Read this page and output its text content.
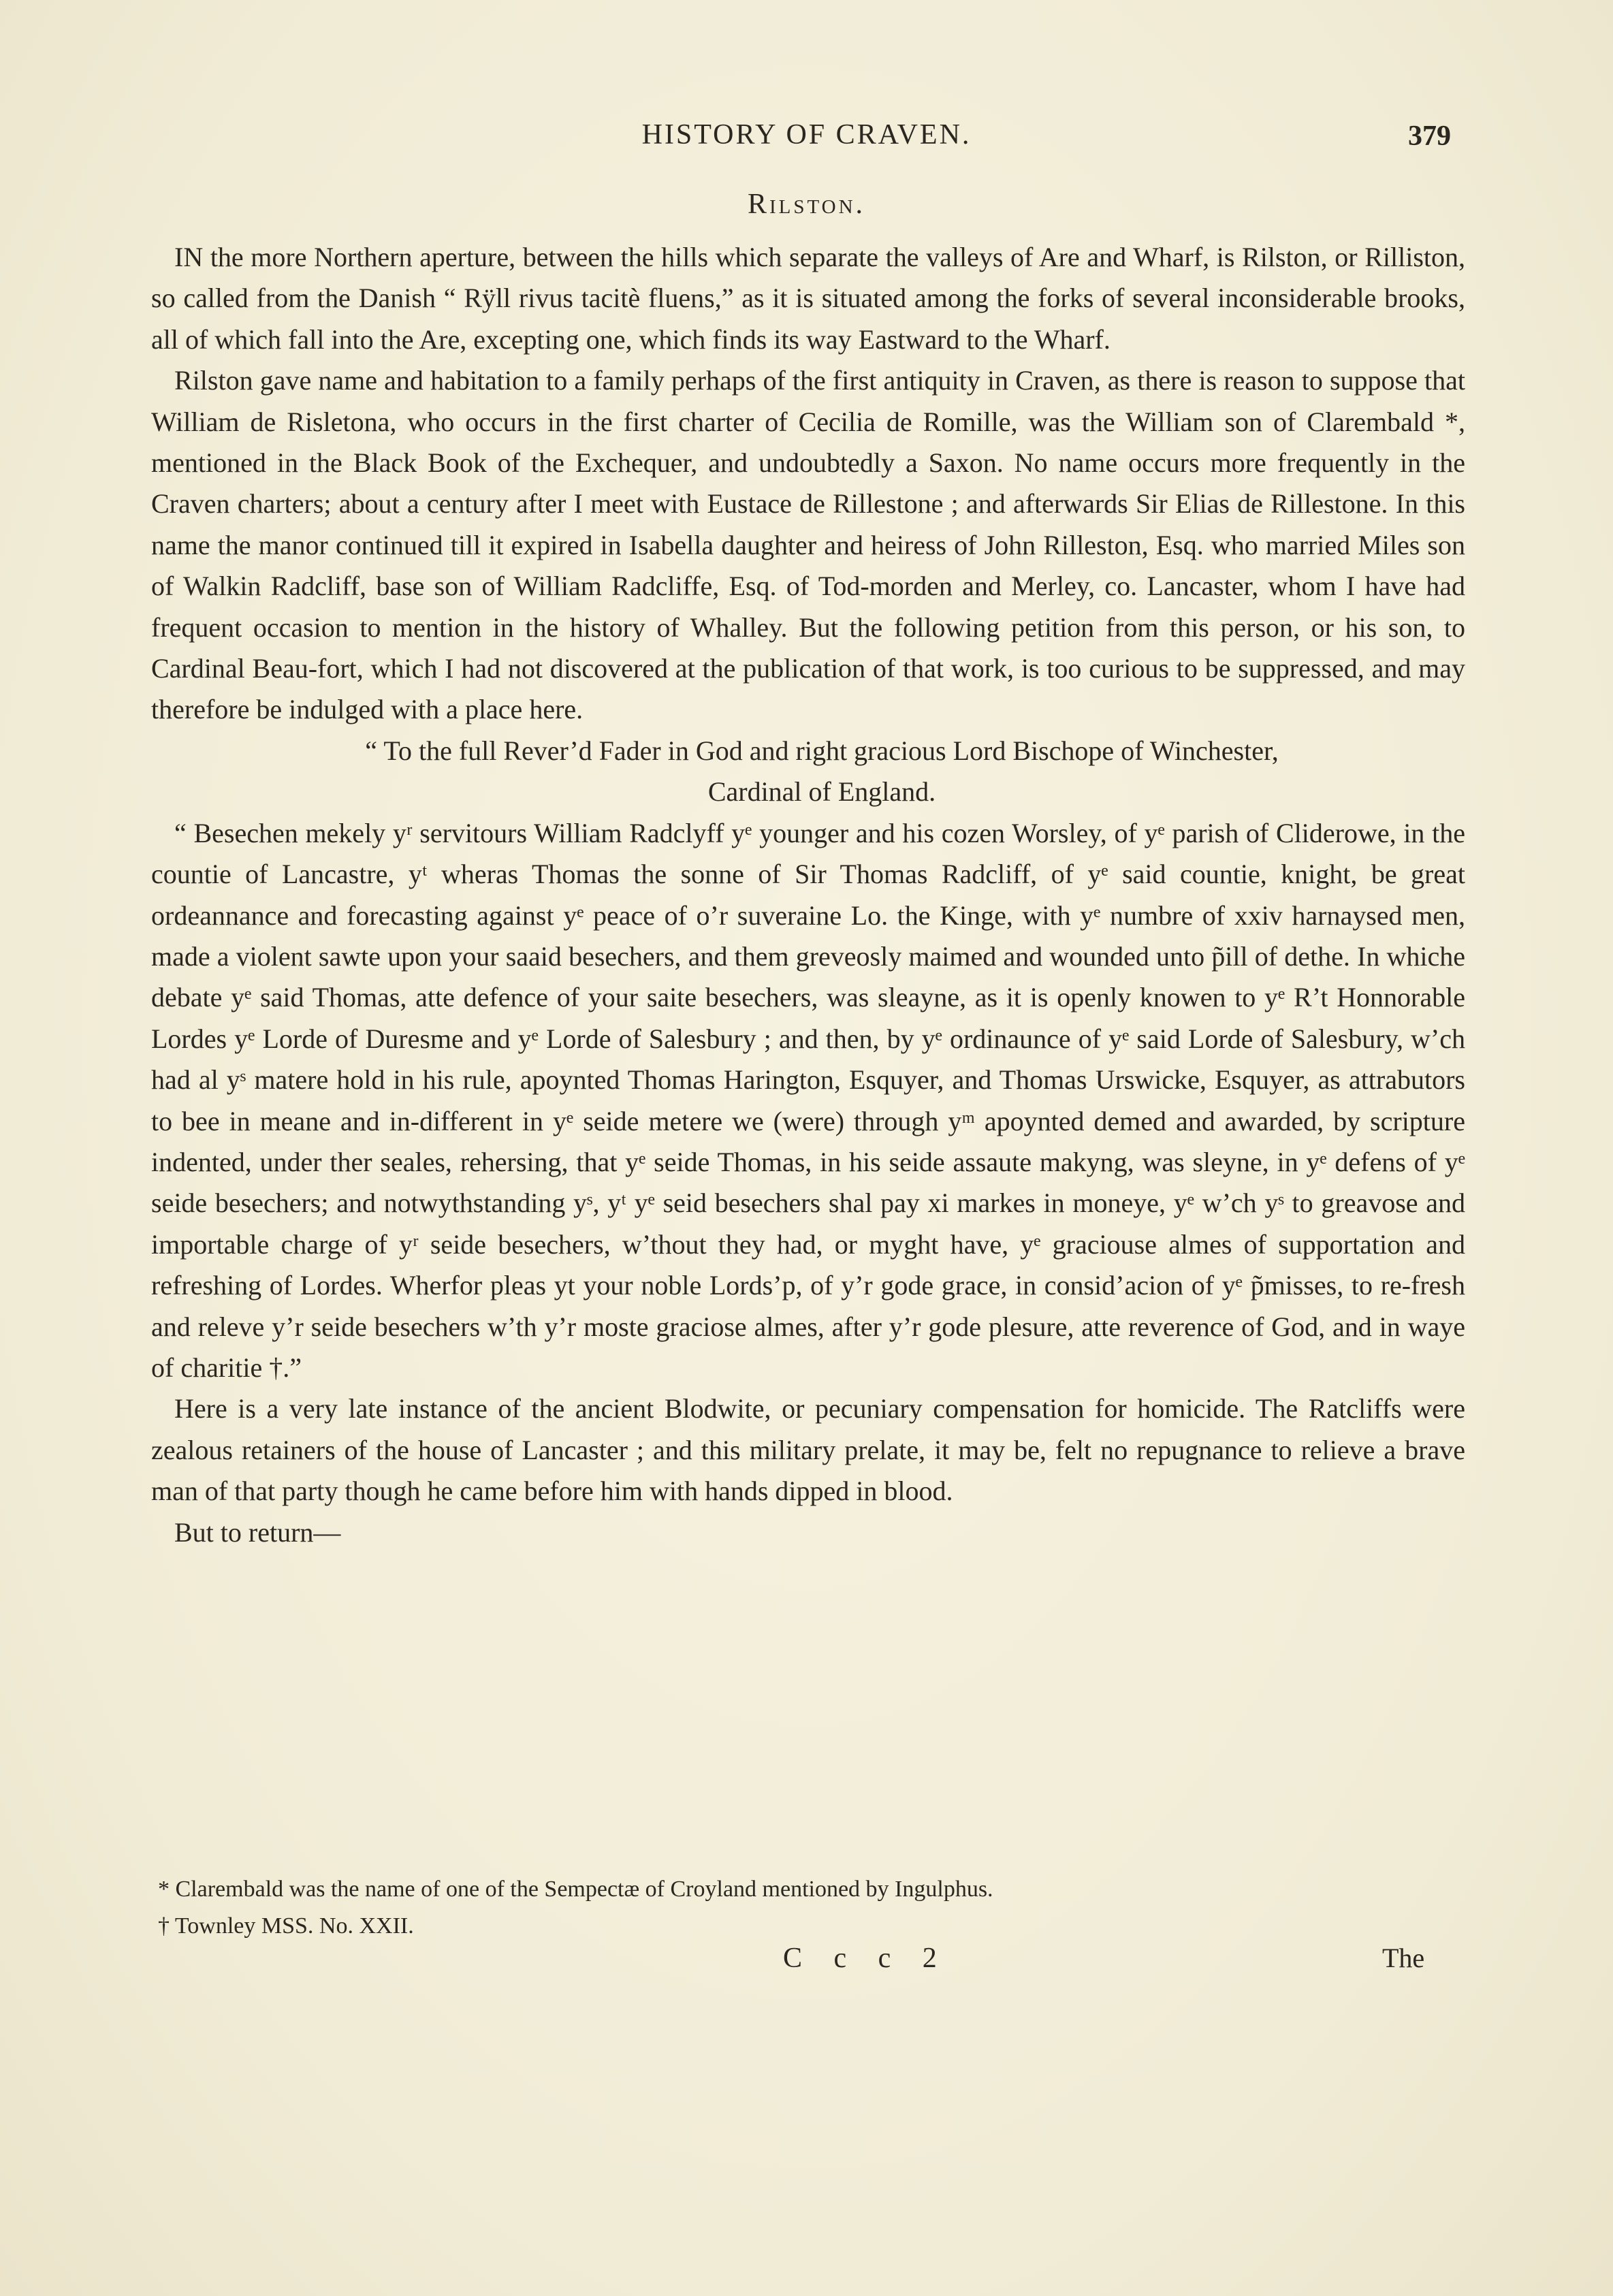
HISTORY OF CRAVEN.	379
Rilston.

IN the more Northern aperture, between the hills which separate the valleys of Are and Wharf, is Rilston, or Rilliston, so called from the Danish “ Rÿll rivus tacitè fluens,” as it is situated among the forks of several inconsiderable brooks, all of which fall into the Are, excepting one, which finds its way Eastward to the Wharf.

Rilston gave name and habitation to a family perhaps of the first antiquity in Craven, as there is reason to suppose that William de Risletona, who occurs in the first charter of Cecilia de Romille, was the William son of Clarembald *, mentioned in the Black Book of the Exchequer, and undoubtedly a Saxon. No name occurs more frequently in the Craven charters; about a century after I meet with Eustace de Rillestone ; and afterwards Sir Elias de Rillestone. In this name the manor continued till it expired in Isabella daughter and heiress of John Rilleston, Esq. who married Miles son of Walkin Radcliff, base son of William Radcliffe, Esq. of Tod-morden and Merley, co. Lancaster, whom I have had frequent occasion to mention in the history of Whalley. But the following petition from this person, or his son, to Cardinal Beau-fort, which I had not discovered at the publication of that work, is too curious to be suppressed, and may therefore be indulged with a place here.

“ To the full Rever’d Fader in God and right gracious Lord Bischope of Winchester,

Cardinal of England.

“ Besechen mekely yʳ servitours William Radclyff yᵉ younger and his cozen Worsley, of yᵉ parish of Cliderowe, in the countie of Lancastre, yᵗ wheras Thomas the sonne of Sir Thomas Radcliff, of yᵉ said countie, knight, be great ordeannance and forecasting against yᵉ peace of o’r suveraine Lo. the Kinge, with yᵉ numbre of xxiv harnaysed men, made a violent sawte upon your saaid besechers, and them greveosly maimed and wounded unto p̃ill of dethe. In whiche debate yᵉ said Thomas, atte defence of your saite besechers, was sleayne, as it is openly knowen to yᵉ R’t Honnorable Lordes yᵉ Lorde of Duresme and yᵉ Lorde of Salesbury ; and then, by yᵉ ordinaunce of yᵉ said Lorde of Salesbury, w’ch had al yˢ matere hold in his rule, apoynted Thomas Harington, Esquyer, and Thomas Urswicke, Esquyer, as attrabutors to bee in meane and in-different in yᵉ seide metere we (were) through yᵐ apoynted demed and awarded, by scripture indented, under ther seales, rehersing, that yᵉ seide Thomas, in his seide assaute makyng, was sleyne, in yᵉ defens of yᵉ seide besechers; and notwythstanding yˢ, yᵗ yᵉ seid besechers shal pay xi markes in moneye, yᵉ w’ch yˢ to greavose and importable charge of yʳ seide besechers, w’thout they had, or myght have, yᵉ graciouse almes of supportation and refreshing of Lordes. Wherfor pleas yt your noble Lords’p, of y’r gode grace, in consid’acion of yᵉ p̃misses, to re-fresh and releve y’r seide besechers w’th y’r moste graciose almes, after y’r gode plesure, atte reverence of God, and in waye of charitie †.”

Here is a very late instance of the ancient Blodwite, or pecuniary compensation for homicide. The Ratcliffs were zealous retainers of the house of Lancaster ; and this military prelate, it may be, felt no repugnance to relieve a brave man of that party though he came before him with hands dipped in blood.

But to return—

* Clarembald was the name of one of the Sempectæ of Croyland mentioned by Ingulphus.
† Townley MSS. No. XXII.
C c c 2	The
